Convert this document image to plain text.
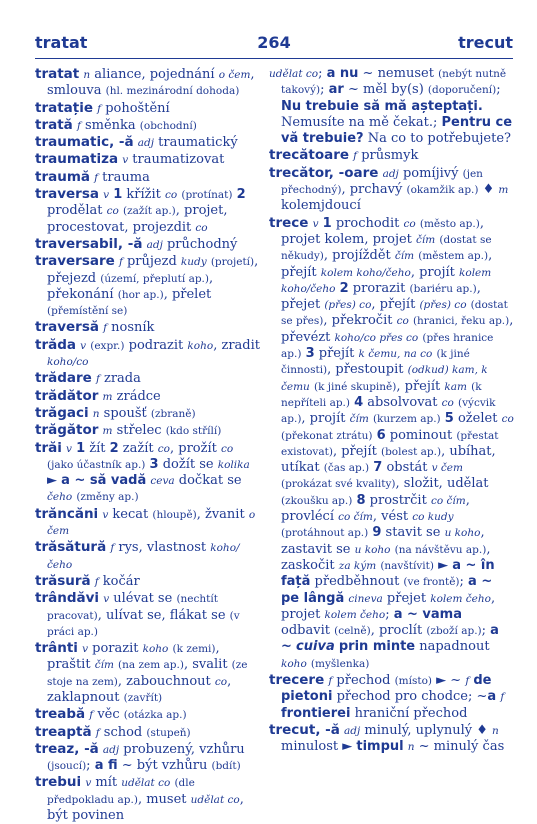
tratat	264	trecut
tratat n aliance, pojednání o čem, smlouva (hl. mezinárodní dohoda)
tratație f pohoštění
trată f směnka (obchodní)
traumatic, -ă adj traumatický
traumatiza v traumatizovat
traumă f trauma
traversa v 1 křížit co (protínat) 2 prodělat co (zažít ap.), projet, procestovat, projezdit co
traversabil, -ă adj průchodný
traversare f průjezd kudy (projetí), přejezd (území, přeplutí ap.), překonání (hor ap.), přelet (přemístění se)
traversă f nosník
trăda v (expr.) podrazit koho, zradit koho/co
trădare f zrada
trădător m zrádce
trăgaci n spoušť (zbraně)
trăgător m střelec (kdo střílí)
trăi v 1 žít 2 zažít co, prožít co (jako účastník ap.) 3 dožít se kolika ► a ~ să vadă ceva dočkat se čeho (změny ap.)
trăncăni v kecat (hloupě), žvanit o čem
trăsătură f rys, vlastnost koho/čeho
trăsură f kočár
trândăvi v ulévat se (nechtít pracovat), ulívat se, flákat se (v práci ap.)
trânti v porazit koho (k zemi), praštit čím (na zem ap.), svalit (ze stoje na zem), zabouchnout co, zaklapnout (zavřít)
treabă f věc (otázka ap.)
treaptă f schod (stupeň)
treaz, -ă adj probuzený, vzhůru (jsoucí); a fi ~ být vzhůru (bdít)
trebui v mít udělat co (dle předpokladu ap.), muset udělat co, být povinen
udělat co; a nu ~ nemuset (nebýt nutně takový); ar ~ měl by(s) (doporučení); Nu trebuie să mă așteptați. Nemusíte na mě čekat.; Pentru ce vă trebuie? Na co to potřebujete?
trecătoare f průsmyk
trecător, -oare adj pomíjivý (jen přechodný), prchavý (okamžik ap.) ♦ m kolemjdoucí
trece v 1 prochodit co (město ap.), projet kolem, projet čím (dostat se někudy), projíždět čím (městem ap.), přejít kolem koho/čeho, projít kolem koho/čeho 2 prorazit (bariéru ap.), přejet (přes) co, přejít (přes) co (dostat se přes), překročit co (hranici, řeku ap.), převézt koho/co přes co (přes hranice ap.) 3 přejít k čemu, na co (k jiné činnosti), přestoupit (odkud) kam, k čemu (k jiné skupině), přejít kam (k nepříteli ap.) 4 absolvovat co (výcvik ap.), projít čím (kurzem ap.) 5 oželet co (překonat ztrátu) 6 pominout (přestat existovat), přejít (bolest ap.), ubíhat, utíkat (čas ap.) 7 obstát v čem (prokázat své kvality), složit, udělat (zkoušku ap.) 8 prostrčit co čím, provlécí co čím, vést co kudy (protáhnout ap.) 9 stavit se u koho, zastavit se u koho (na návštěvu ap.), zaskočit za kým (navštívit) ► a ~ în față předběhnout (ve frontě); a ~ pe lângă cineva přejet kolem čeho, projet kolem čeho; a ~ vama odbavit (celně), proclít (zboží ap.); a ~ cuiva prin minte napadnout koho (myšlenka)
trecere f přechod (místo) ► ~ f de pietoni přechod pro chodce; ~a f frontierei hraniční přechod
trecut, -ă adj minulý, uplynulý ♦ n minulost ► timpul n ~ minulý čas
